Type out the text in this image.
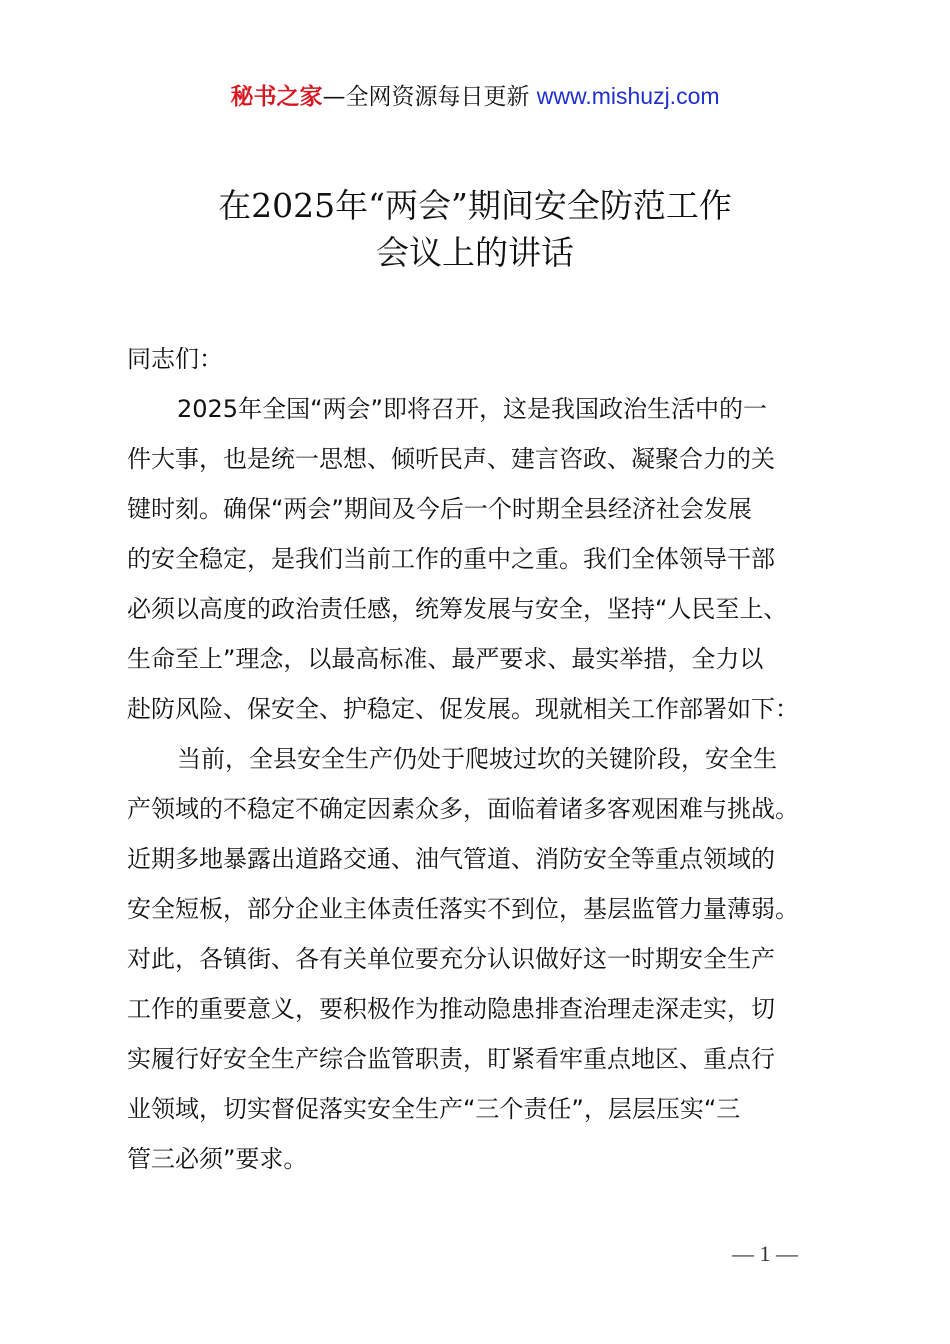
秘书之家—全网资源每日更新 www.mishuzj.com
在2025年“两会”期间安全防范工作
会议上的讲话
同志们：
2025年全国“两会”即将召开，这是我国政治生活中的一
件大事，也是统一思想、倾听民声、建言咨政、凝聚合力的关
键时刻。确保“两会”期间及今后一个时期全县经济社会发展
的安全稳定，是我们当前工作的重中之重。我们全体领导干部
必须以高度的政治责任感，统筹发展与安全，坚持“人民至上、
生命至上”理念，以最高标准、最严要求、最实举措，全力以
赴防风险、保安全、护稳定、促发展。现就相关工作部署如下：
当前，全县安全生产仍处于爬坡过坎的关键阶段，安全生
产领域的不稳定不确定因素众多，面临着诸多客观困难与挑战。
近期多地暴露出道路交通、油气管道、消防安全等重点领域的
安全短板，部分企业主体责任落实不到位，基层监管力量薄弱。
对此，各镇街、各有关单位要充分认识做好这一时期安全生产
工作的重要意义，要积极作为推动隐患排查治理走深走实，切
实履行好安全生产综合监管职责，盯紧看牢重点地区、重点行
业领域，切实督促落实安全生产“三个责任”，层层压实“三
管三必须”要求。
— 1 —
